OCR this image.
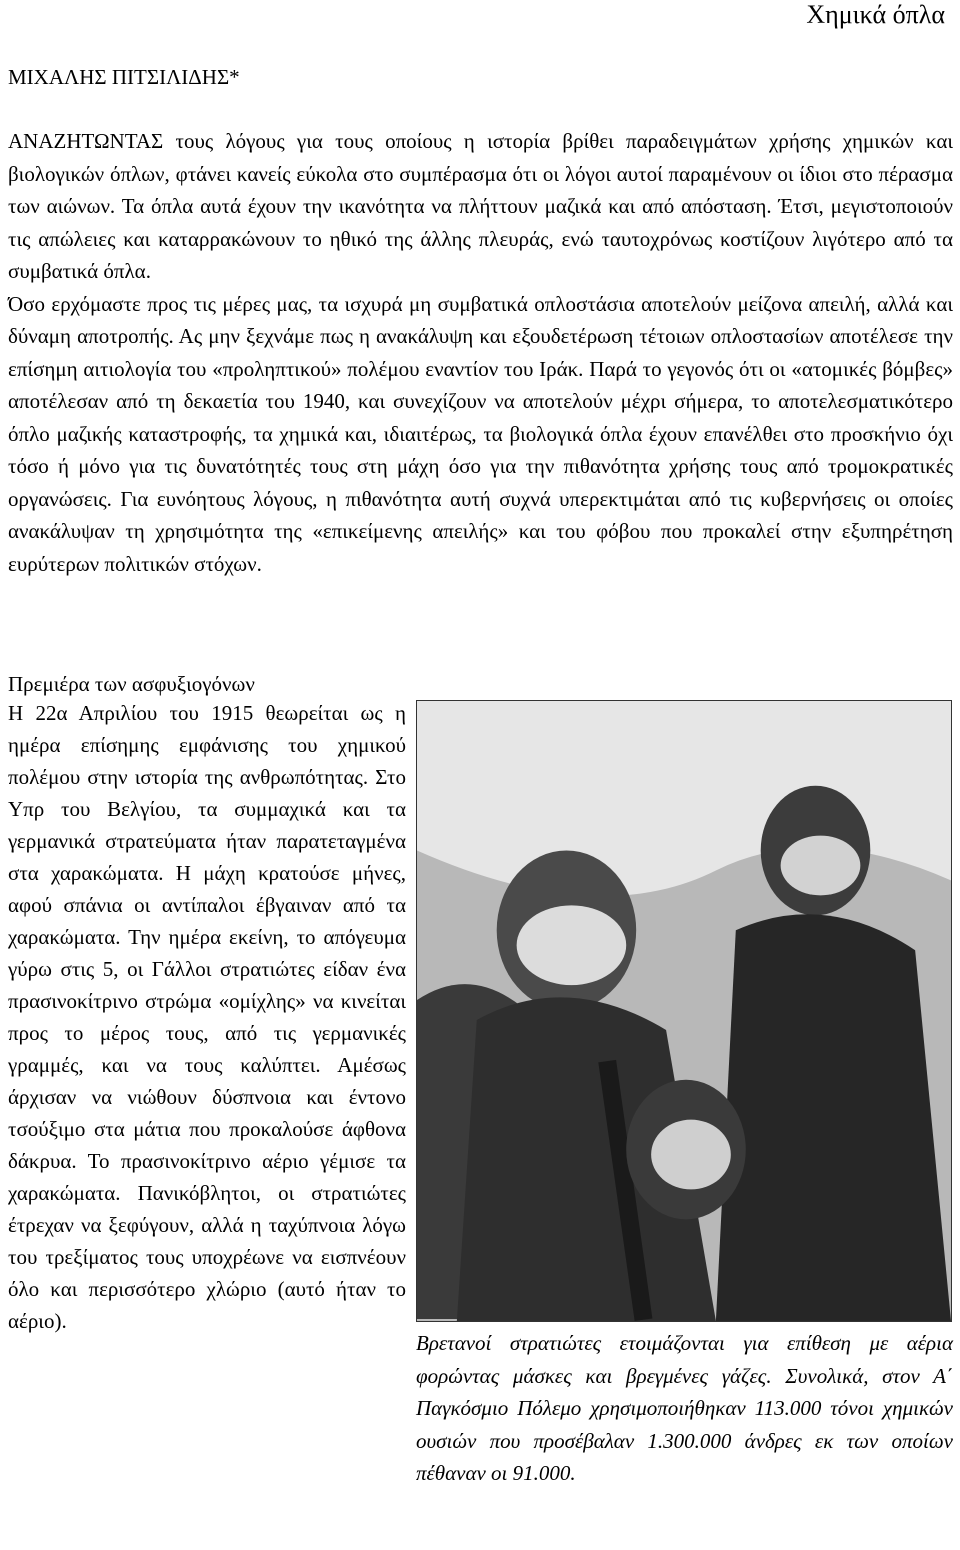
Χημικά όπλα
ΜΙΧΑΛΗΣ ΠΙΤΣΙΛΙΔΗΣ*

ΑΝΑΖΗΤΩΝΤΑΣ τους λόγους για τους οποίους η ιστορία βρίθει παραδειγμάτων χρήσης χημικών και βιολογικών όπλων, φτάνει κανείς εύκολα στο συμπέρασμα ότι οι λόγοι αυτοί παραμένουν οι ίδιοι στο πέρασμα των αιώνων. Τα όπλα αυτά έχουν την ικανότητα να πλήττουν μαζικά και από απόσταση. Έτσι, μεγιστοποιούν τις απώλειες και καταρρακώνουν το ηθικό της άλλης πλευράς, ενώ ταυτοχρόνως κοστίζουν λιγότερο από τα συμβατικά όπλα.

Όσο ερχόμαστε προς τις μέρες μας, τα ισχυρά μη συμβατικά οπλοστάσια αποτελούν μείζονα απειλή, αλλά και δύναμη αποτροπής. Ας μην ξεχνάμε πως η ανακάλυψη και εξουδετέρωση τέτοιων οπλοστασίων αποτέλεσε την επίσημη αιτιολογία του «προληπτικού» πολέμου εναντίον του Ιράκ. Παρά το γεγονός ότι οι «ατομικές βόμβες» αποτέλεσαν από τη δεκαετία του 1940, και συνεχίζουν να αποτελούν μέχρι σήμερα, το αποτελεσματικότερο όπλο μαζικής καταστροφής, τα χημικά και, ιδιαιτέρως, τα βιολογικά όπλα έχουν επανέλθει στο προσκήνιο όχι τόσο ή μόνο για τις δυνατότητές τους στη μάχη όσο για την πιθανότητα χρήσης τους από τρομοκρατικές οργανώσεις. Για ευνόητους λόγους, η πιθανότητα αυτή συχνά υπερεκτιμάται από τις κυβερνήσεις οι οποίες ανακάλυψαν τη χρησιμότητα της «επικείμενης απειλής» και του φόβου που προκαλεί στην εξυπηρέτηση ευρύτερων πολιτικών στόχων.

Πρεμιέρα των ασφυξιογόνων

Η 22α Απριλίου του 1915 θεωρείται ως η ημέρα επίσημης εμφάνισης του χημικού πολέμου στην ιστορία της ανθρωπότητας. Στο Υπρ του Βελγίου, τα συμμαχικά και τα γερμανικά στρατεύματα ήταν παρατεταγμένα στα χαρακώματα. Η μάχη κρατούσε μήνες, αφού σπάνια οι αντίπαλοι έβγαιναν από τα χαρακώματα. Την ημέρα εκείνη, το απόγευμα γύρω στις 5, οι Γάλλοι στρατιώτες είδαν ένα πρασινοκίτρινο στρώμα «ομίχλης» να κινείται προς το μέρος τους, από τις γερμανικές γραμμές, και να τους καλύπτει. Αμέσως άρχισαν να νιώθουν δύσπνοια και έντονο τσούξιμο στα μάτια που προκαλούσε άφθονα δάκρυα. Το πρασινοκίτρινο αέριο γέμισε τα χαρακώματα. Πανικόβλητοι, οι στρατιώτες έτρεχαν να ξεφύγουν, αλλά η ταχύπνοια λόγω του τρεξίματος τους υποχρέωνε να εισπνέουν όλο και περισσότερο χλώριο (αυτό ήταν το αέριο).

Βρετανοί στρατιώτες ετοιμάζονται για επίθεση με αέρια φορώντας μάσκες και βρεγμένες γάζες. Συνολικά, στον Α΄ Παγκόσμιο Πόλεμο χρησιμοποιήθηκαν 113.000 τόνοι χημικών ουσιών που προσέβαλαν 1.300.000 άνδρες εκ των οποίων πέθαναν οι 91.000.
